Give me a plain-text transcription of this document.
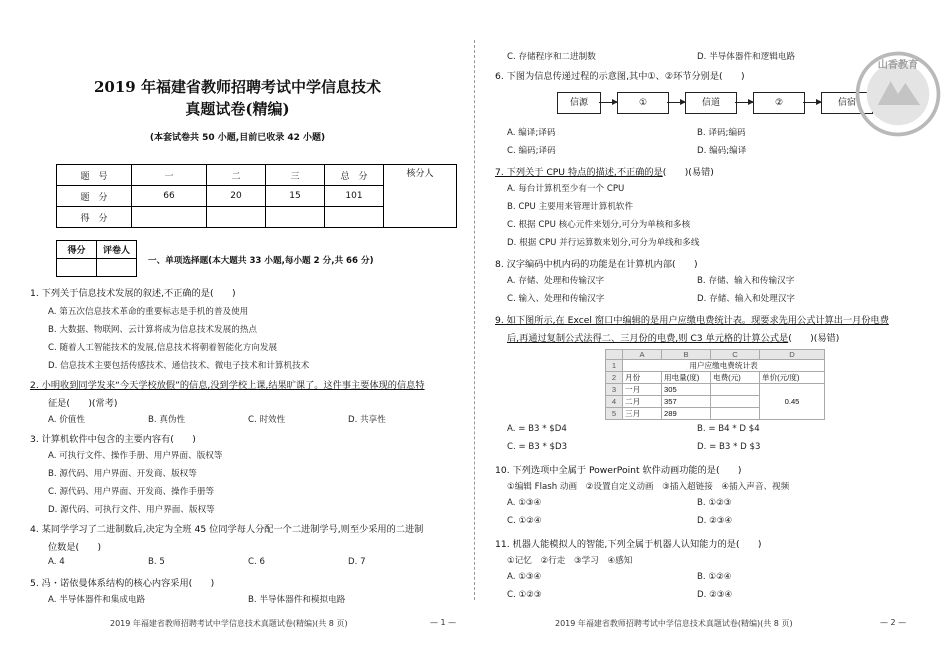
2019 年福建省教师招聘考试中学信息技术
真题试卷(精编)
(本套试卷共 50 小题,目前已收录 42 小题)
题　号	一	二	三	总　分	核分人
题　分	66	20	15	101	
得　分					
得分	评卷人

一、单项选择题(本大题共 33 小题,每小题 2 分,共 66 分)
1. 下列关于信息技术发展的叙述,不正确的是(　　)
A. 第五次信息技术革命的重要标志是手机的普及使用
B. 大数据、物联网、云计算将成为信息技术发展的热点
C. 随着人工智能技术的发展,信息技术将朝着智能化方向发展
D. 信息技术主要包括传感技术、通信技术、微电子技术和计算机技术
2. 小明收到同学发来“今天学校放假”的信息,没到学校上课,结果旷课了。这件事主要体现的信息特
征是(　　)(常考)
A. 价值性	B. 真伪性	C. 时效性	D. 共享性
3. 计算机软件中包含的主要内容有(　　)
A. 可执行文件、操作手册、用户界面、版权等
B. 源代码、用户界面、开发商、版权等
C. 源代码、用户界面、开发商、操作手册等
D. 源代码、可执行文件、用户界面、版权等
4. 某同学学习了二进制数后,决定为全班 45 位同学每人分配一个二进制学号,则至少采用的二进制
位数是(　　)
A. 4	B. 5	C. 6	D. 7
5. 冯・诺依曼体系结构的核心内容采用(　　)
A. 半导体器件和集成电路	B. 半导体器件和模拟电路
2019 年福建省教师招聘考试中学信息技术真题试卷(精编)(共 8 页)	— 1 —
C. 存储程序和二进制数	D. 半导体器件和逻辑电路
6. 下图为信息传递过程的示意图,其中①、②环节分别是(　　)
信源	①	信道	②	信宿
A. 编译;译码	B. 译码;编码
C. 编码;译码	D. 编码;编译
7. 下列关于 CPU 特点的描述,不正确的是(　　)(易错)
A. 每台计算机至少有一个 CPU
B. CPU 主要用来管理计算机软件
C. 根据 CPU 核心元件来划分,可分为单核和多核
D. 根据 CPU 并行运算数来划分,可分为单线和多线
8. 汉字编码中机内码的功能是在计算机内部(　　)
A. 存储、处理和传输汉字	B. 存储、输入和传输汉字
C. 输入、处理和传输汉字	D. 存储、输入和处理汉字
9. 如下图所示,在 Excel 窗口中编辑的是用户应缴电费统计表。现要求先用公式计算出一月份电费
后,再通过复制公式法得二、三月份的电费,则 C3 单元格的计算公式是(　　)(易错)
	A	B	C	D
1	用户应缴电费统计表			
2	月份	用电量(度)	电费(元)	单价(元/度)
3	一月	305		0.45
4	二月	357		
5	三月	289		
A. = B3 * $D4	B. = B4 * D $4
C. = B3 * $D3	D. = B3 * D $3
10. 下列选项中全属于 PowerPoint 软件动画功能的是(　　)
①编辑 Flash 动画　②设置自定义动画　③插入超链接　④插入声音、视频
A. ①③④	B. ①②③
C. ①②④	D. ②③④
11. 机器人能模拟人的智能,下列全属于机器人认知能力的是(　　)
①记忆　②行走　③学习　④感知
A. ①③④	B. ①②④
C. ①②③	D. ②③④
2019 年福建省教师招聘考试中学信息技术真题试卷(精编)(共 8 页)	— 2 —
山香教育
